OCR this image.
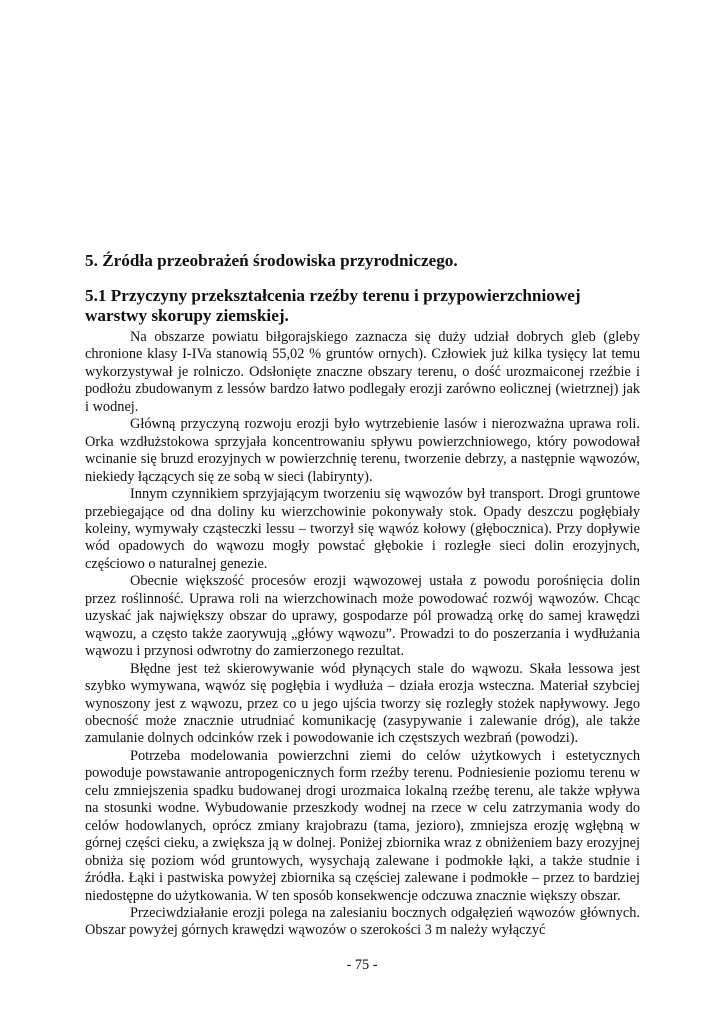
5. Źródła przeobrażeń środowiska przyrodniczego.
5.1 Przyczyny przekształcenia rzeźby terenu i przypowierzchniowej warstwy skorupy ziemskiej.

Na obszarze powiatu biłgorajskiego zaznacza się duży udział dobrych gleb (gleby chronione klasy I-IVa stanowią 55,02 % gruntów ornych). Człowiek już kilka tysięcy lat temu wykorzystywał je rolniczo. Odsłonięte znaczne obszary terenu, o dość urozmaiconej rzeźbie i podłożu zbudowanym z lessów bardzo łatwo podlegały erozji zarówno eolicznej (wietrznej) jak i wodnej.

Główną przyczyną rozwoju erozji było wytrzebienie lasów i nierozważna uprawa roli. Orka wzdłużstokowa sprzyjała koncentrowaniu spływu powierzchniowego, który powodował wcinanie się bruzd erozyjnych w powierzchnię terenu, tworzenie debrzy, a następnie wąwozów, niekiedy łączących się ze sobą w sieci (labirynty).

Innym czynnikiem sprzyjającym tworzeniu się wąwozów był transport. Drogi gruntowe przebiegające od dna doliny ku wierzchowinie pokonywały stok. Opady deszczu pogłębiały koleiny, wymywały cząsteczki lessu – tworzył się wąwóz kołowy (głębocznica). Przy dopływie wód opadowych do wąwozu mogły powstać głębokie i rozległe sieci dolin erozyjnych, częściowo o naturalnej genezie.

Obecnie większość procesów erozji wąwozowej ustała z powodu porośnięcia dolin przez roślinność. Uprawa roli na wierzchowinach może powodować rozwój wąwozów. Chcąc uzyskać jak największy obszar do uprawy, gospodarze pól prowadzą orkę do samej krawędzi wąwozu, a często także zaorywują „główy wąwozu”. Prowadzi to do poszerzania i wydłużania wąwozu i przynosi odwrotny do zamierzonego rezultat.

Błędne jest też skierowywanie wód płynących stale do wąwozu. Skała lessowa jest szybko wymywana, wąwóz się pogłębia i wydłuża – działa erozja wsteczna. Materiał szybciej wynoszony jest z wąwozu, przez co u jego ujścia tworzy się rozległy stożek napływowy. Jego obecność może znacznie utrudniać komunikację (zasypywanie i zalewanie dróg), ale także zamulanie dolnych odcinków rzek i powodowanie ich częstszych wezbrań (powodzi).

Potrzeba modelowania powierzchni ziemi do celów użytkowych i estetycznych powoduje powstawanie antropogenicznych form rzeźby terenu. Podniesienie poziomu terenu w celu zmniejszenia spadku budowanej drogi urozmaica lokalną rzeźbę terenu, ale także wpływa na stosunki wodne. Wybudowanie przeszkody wodnej na rzece w celu zatrzymania wody do celów hodowlanych, oprócz zmiany krajobrazu (tama, jezioro), zmniejsza erozję wgłębną w górnej części cieku, a zwiększa ją w dolnej. Poniżej zbiornika wraz z obniżeniem bazy erozyjnej obniża się poziom wód gruntowych, wysychają zalewane i podmokłe łąki, a także studnie i źródła. Łąki i pastwiska powyżej zbiornika są częściej zalewane i podmokłe – przez to bardziej niedostępne do użytkowania. W ten sposób konsekwencje odczuwa znacznie większy obszar.

Przeciwdziałanie erozji polega na zalesianiu bocznych odgałęzień wąwozów głównych. Obszar powyżej górnych krawędzi wąwozów o szerokości 3 m należy wyłączyć

- 75 -
